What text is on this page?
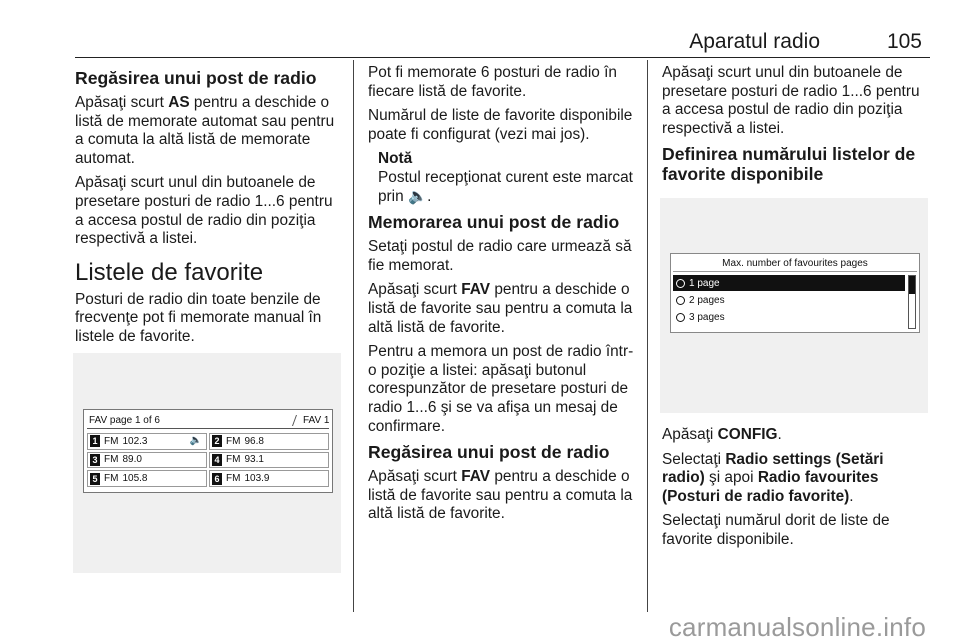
Aparatul radio	105
Regăsirea unui post de radio

Apăsaţi scurt AS pentru a deschide o listă de memorate automat sau pentru a comuta la altă listă de memorate automat.

Apăsaţi scurt unul din butoanele de presetare posturi de radio 1...6 pentru a accesa postul de radio din poziţia respectivă a listei.

Listele de favorite

Posturi de radio din toate benzile de frecvenţe pot fi memorate manual în listele de favorite.

FAV page 1 of 6	FAV 1
1 FM 102.3	🔈 2 FM 96.8
3 FM 89.0	4 FM 93.1
5 FM 105.8	6 FM 103.9

Pot fi memorate 6 posturi de radio în fiecare listă de favorite.

Numărul de liste de favorite disponibile poate fi configurat (vezi mai jos).

Notă
Postul recepţionat curent este marcat prin 🔈.
Memorarea unui post de radio

Setaţi postul de radio care urmează să fie memorat.

Apăsaţi scurt FAV pentru a deschide o listă de favorite sau pentru a comuta la altă listă de favorite.

Pentru a memora un post de radio într-o poziţie a listei: apăsaţi butonul corespunzător de presetare posturi de radio 1...6 şi se va afişa un mesaj de confirmare.

Regăsirea unui post de radio

Apăsaţi scurt FAV pentru a deschide o listă de favorite sau pentru a comuta la altă listă de favorite.

Apăsaţi scurt unul din butoanele de presetare posturi de radio 1...6 pentru a accesa postul de radio din poziţia respectivă a listei.

Definirea numărului listelor de favorite disponibile
Max. number of favourites pages
1 page
2 pages
3 pages

Apăsaţi CONFIG.

Selectaţi Radio settings (Setări radio) şi apoi Radio favourites (Posturi de radio favorite).

Selectaţi numărul dorit de liste de favorite disponibile.

carmanualsonline.info
